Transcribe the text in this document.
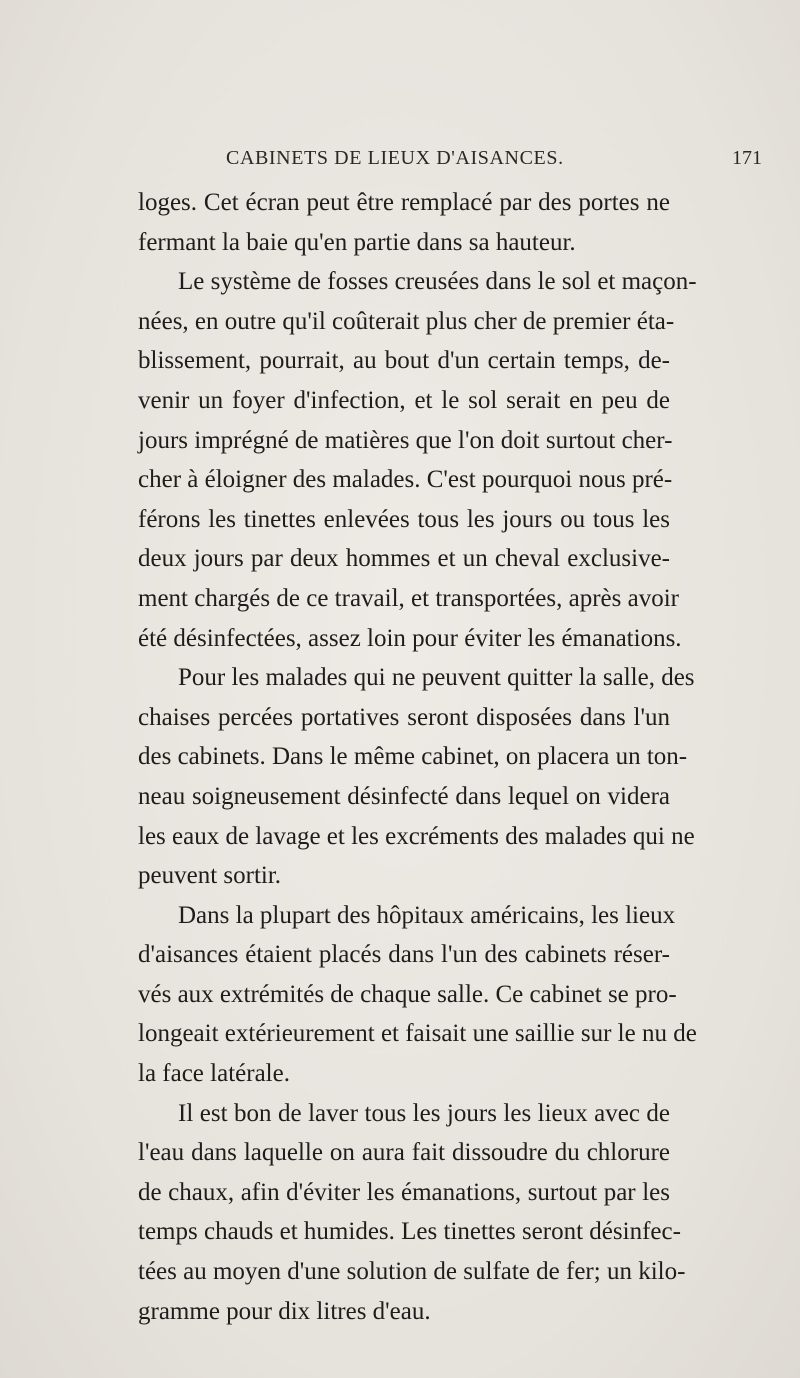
CABINETS DE LIEUX D'AISANCES.	171
loges. Cet écran peut être remplacé par des portes ne
fermant la baie qu'en partie dans sa hauteur.
Le système de fosses creusées dans le sol et maçon-
nées, en outre qu'il coûterait plus cher de premier éta-
blissement, pourrait, au bout d'un certain temps, de-
venir un foyer d'infection, et le sol serait en peu de
jours imprégné de matières que l'on doit surtout cher-
cher à éloigner des malades. C'est pourquoi nous pré-
férons les tinettes enlevées tous les jours ou tous les
deux jours par deux hommes et un cheval exclusive-
ment chargés de ce travail, et transportées, après avoir
été désinfectées, assez loin pour éviter les émanations.
Pour les malades qui ne peuvent quitter la salle, des
chaises percées portatives seront disposées dans l'un
des cabinets. Dans le même cabinet, on placera un ton-
neau soigneusement désinfecté dans lequel on videra
les eaux de lavage et les excréments des malades qui ne
peuvent sortir.
Dans la plupart des hôpitaux américains, les lieux
d'aisances étaient placés dans l'un des cabinets réser-
vés aux extrémités de chaque salle. Ce cabinet se pro-
longeait extérieurement et faisait une saillie sur le nu de
la face latérale.
Il est bon de laver tous les jours les lieux avec de
l'eau dans laquelle on aura fait dissoudre du chlorure
de chaux, afin d'éviter les émanations, surtout par les
temps chauds et humides. Les tinettes seront désinfec-
tées au moyen d'une solution de sulfate de fer; un kilo-
gramme pour dix litres d'eau.
